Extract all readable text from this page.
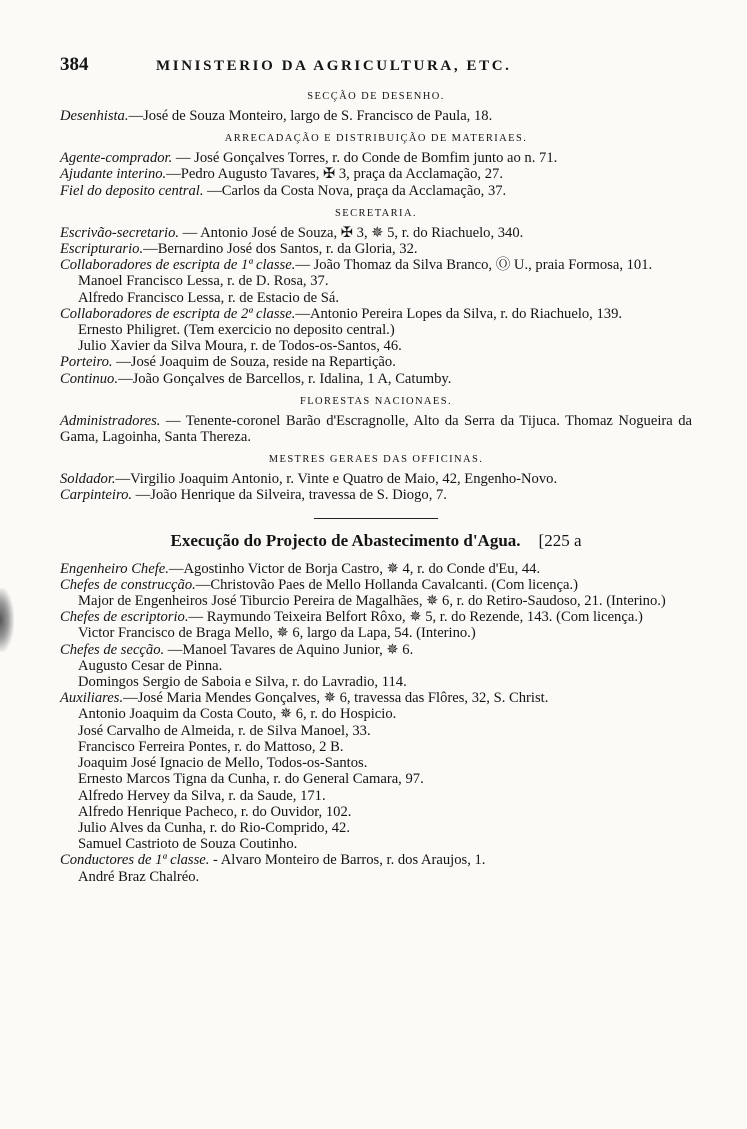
384	MINISTERIO DA AGRICULTURA, ETC.
SECÇÃO DE DESENHO.
Desenhista.—José de Souza Monteiro, largo de S. Francisco de Paula, 18.
ARRECADAÇÃO E DISTRIBUIÇÃO DE MATERIAES.
Agente-comprador. — José Gonçalves Torres, r. do Conde de Bomfim junto ao n. 71.
Ajudante interino.—Pedro Augusto Tavares, ✠ 3, praça da Acclamação, 27.
Fiel do deposito central. —Carlos da Costa Nova, praça da Acclamação, 37.
SECRETARIA.
Escrivão-secretario. — Antonio José de Souza, ✠ 3, ✵ 5, r. do Riachuelo, 340.
Escripturario.—Bernardino José dos Santos, r. da Gloria, 32.
Collaboradores de escripta de 1ª classe.— João Thomaz da Silva Branco, Ⓞ U., praia Formosa, 101.
Manoel Francisco Lessa, r. de D. Rosa, 37.
Alfredo Francisco Lessa, r. de Estacio de Sá.
Collaboradores de escripta de 2ª classe.—Antonio Pereira Lopes da Silva, r. do Riachuelo, 139.
Ernesto Philigret. (Tem exercicio no deposito central.)
Julio Xavier da Silva Moura, r. de Todos-os-Santos, 46.
Porteiro. —José Joaquim de Souza, reside na Repartição.
Continuo.—João Gonçalves de Barcellos, r. Idalina, 1 A, Catumby.
FLORESTAS NACIONAES.
Administradores. — Tenente-coronel Barão d'Escragnolle, Alto da Serra da Tijuca. Thomaz Nogueira da Gama, Lagoinha, Santa Thereza.
MESTRES GERAES DAS OFFICINAS.
Soldador.—Virgilio Joaquim Antonio, r. Vinte e Quatro de Maio, 42, Engenho-Novo.
Carpinteiro. —João Henrique da Silveira, travessa de S. Diogo, 7.
Execução do Projecto de Abastecimento d'Agua. [225 a
Engenheiro Chefe.—Agostinho Victor de Borja Castro, ✵ 4, r. do Conde d'Eu, 44.
Chefes de construcção.—Christovão Paes de Mello Hollanda Cavalcanti. (Com licença.)
Major de Engenheiros José Tiburcio Pereira de Magalhães, ✵ 6, r. do Retiro-Saudoso, 21. (Interino.)
Chefes de escriptorio.— Raymundo Teixeira Belfort Rôxo, ✵ 5, r. do Rezende, 143. (Com licença.)
Victor Francisco de Braga Mello, ✵ 6, largo da Lapa, 54. (Interino.)
Chefes de secção. —Manoel Tavares de Aquino Junior, ✵ 6.
Augusto Cesar de Pinna.
Domingos Sergio de Saboia e Silva, r. do Lavradio, 114.
Auxiliares.—José Maria Mendes Gonçalves, ✵ 6, travessa das Flôres, 32, S. Christ.
Antonio Joaquim da Costa Couto, ✵ 6, r. do Hospicio.
José Carvalho de Almeida, r. de Silva Manoel, 33.
Francisco Ferreira Pontes, r. do Mattoso, 2 B.
Joaquim José Ignacio de Mello, Todos-os-Santos.
Ernesto Marcos Tigna da Cunha, r. do General Camara, 97.
Alfredo Hervey da Silva, r. da Saude, 171.
Alfredo Henrique Pacheco, r. do Ouvidor, 102.
Julio Alves da Cunha, r. do Rio-Comprido, 42.
Samuel Castrioto de Souza Coutinho.
Conductores de 1ª classe. - Alvaro Monteiro de Barros, r. dos Araujos, 1.
André Braz Chalréo.
